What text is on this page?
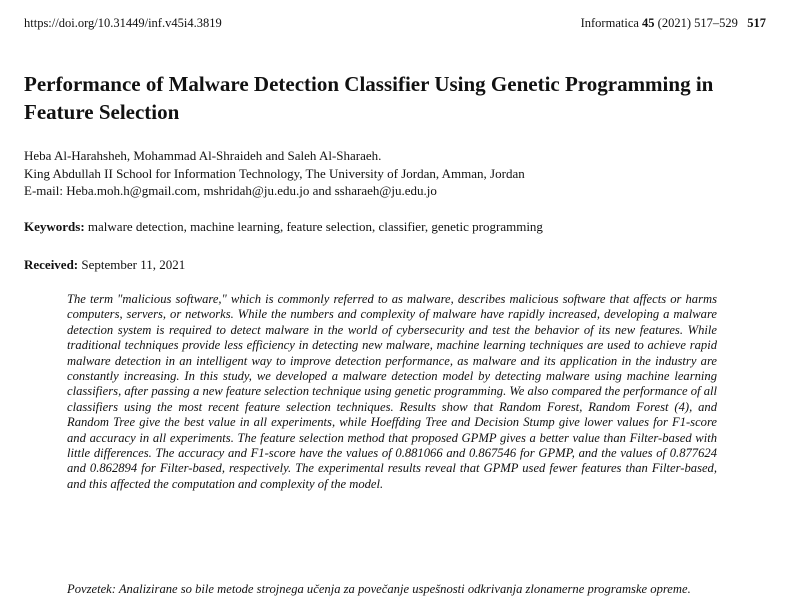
https://doi.org/10.31449/inf.v45i4.3819	Informatica 45 (2021) 517–529 517
Performance of Malware Detection Classifier Using Genetic Programming in Feature Selection
Heba Al-Harahsheh, Mohammad Al-Shraideh and Saleh Al-Sharaeh.
King Abdullah II School for Information Technology, The University of Jordan, Amman, Jordan
E-mail: Heba.moh.h@gmail.com, mshridah@ju.edu.jo and ssharaeh@ju.edu.jo
Keywords: malware detection, machine learning, feature selection, classifier, genetic programming
Received: September 11, 2021

The term "malicious software," which is commonly referred to as malware, describes malicious software that affects or harms computers, servers, or networks. While the numbers and complexity of malware have rapidly increased, developing a malware detection system is required to detect malware in the world of cybersecurity and test the behavior of its new features. While traditional techniques provide less efficiency in detecting new malware, machine learning techniques are used to achieve rapid malware detection in an intelligent way to improve detection performance, as malware and its application in the industry are constantly increasing. In this study, we developed a malware detection model by detecting malware using machine learning classifiers, after passing a new feature selection technique using genetic programming. We also compared the performance of all classifiers using the most recent feature selection techniques. Results show that Random Forest, Random Forest (4), and Random Tree give the best value in all experiments, while Hoeffding Tree and Decision Stump give lower values for F1-score and accuracy in all experiments. The feature selection method that proposed GPMP gives a better value than Filter-based with little differences. The accuracy and F1-score have the values of 0.881066 and 0.867546 for GPMP, and the values of 0.877624 and 0.862894 for Filter-based, respectively. The experimental results reveal that GPMP used fewer features than Filter-based, and this affected the computation and complexity of the model.

Povzetek: Analizirane so bile metode strojnega učenja za povečanje uspešnosti odkrivanja zlonamerne programske opreme.
